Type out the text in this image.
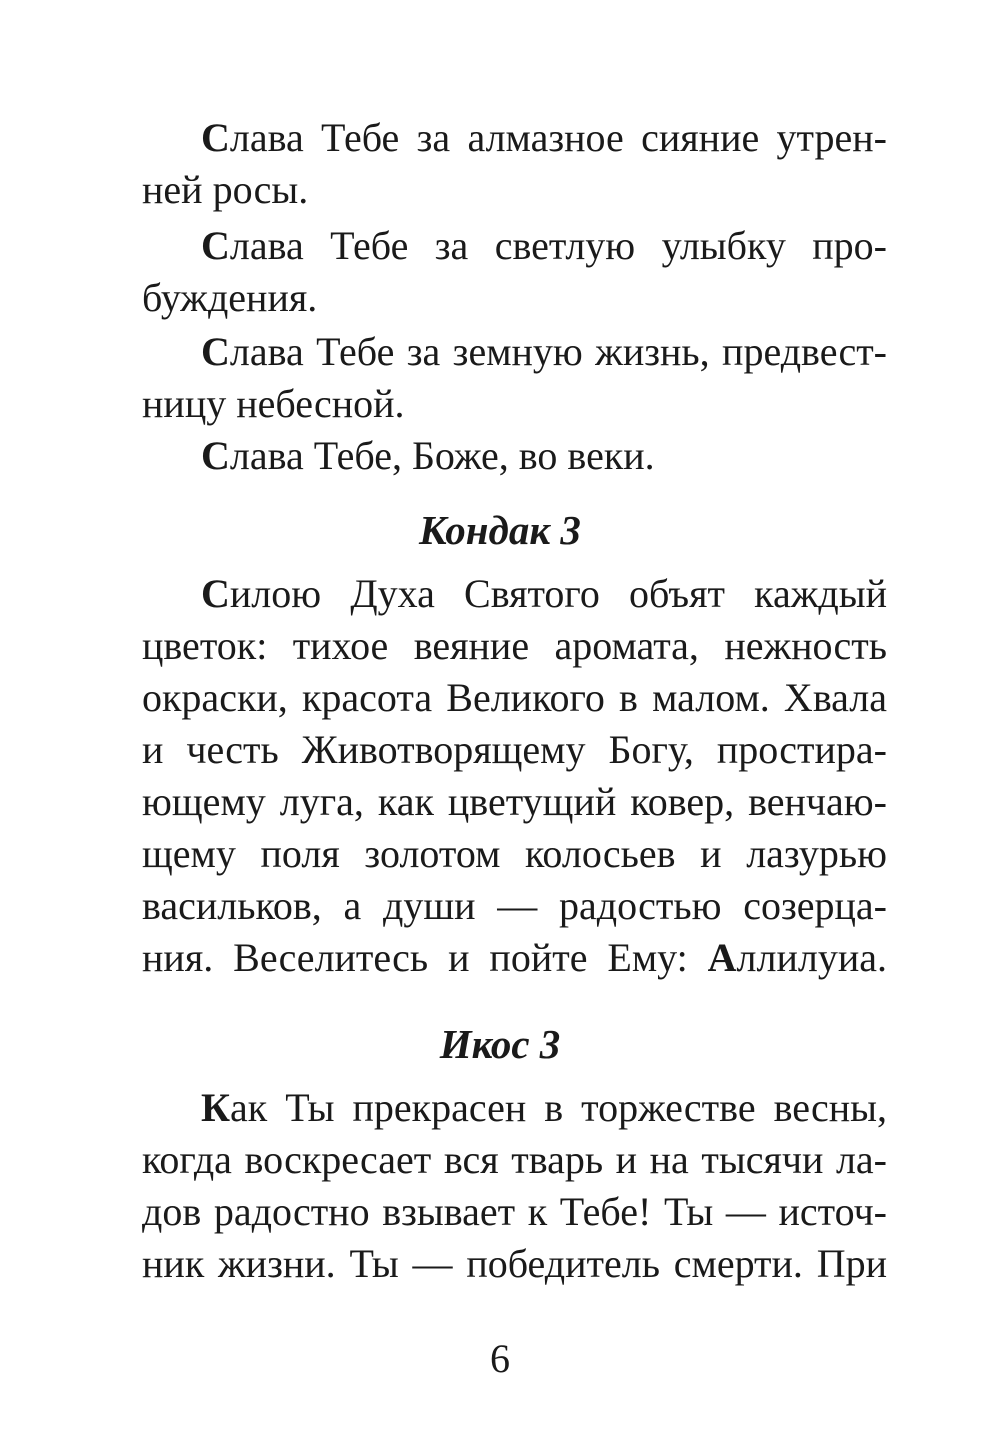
Слава Тебе за алмазное сияние утрен-
ней росы.

Слава Тебе за светлую улыбку про-
буждения.

Слава Тебе за земную жизнь, предвест-
ницу небесной.

Слава Тебе, Боже, во веки.

Кондак 3

Силою Духа Святого объят каждый
цветок: тихое веяние аромата, нежность
окраски, красота Великого в малом. Хвала
и честь Животворящему Богу, простира-
ющему луга, как цветущий ковер, венчаю-
щему поля золотом колосьев и лазурью
васильков, а души — радостью созерца-
ния. Веселитесь и пойте Ему: Аллилуиа.

Икос 3

Как Ты прекрасен в торжестве весны,
когда воскресает вся тварь и на тысячи ла-
дов радостно взывает к Тебе! Ты — источ-
ник жизни. Ты — победитель смерти. При

6
